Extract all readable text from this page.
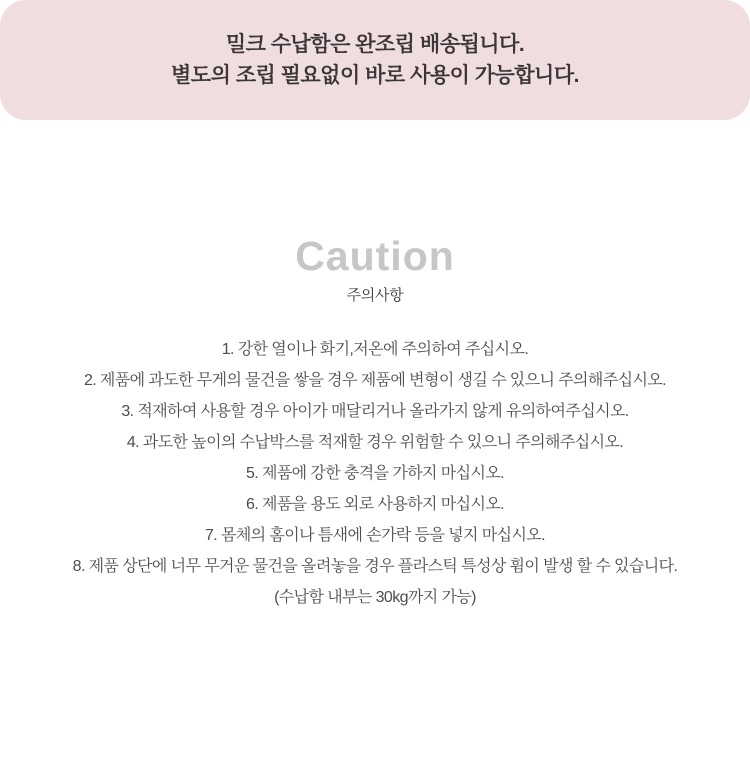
밀크 수납함은 완조립 배송됩니다.

별도의 조립 필요없이 바로 사용이 가능합니다.

Caution
주의사항

1. 강한 열이나 화기,저온에 주의하여 주십시오.

2. 제품에 과도한 무게의 물건을 쌓을 경우 제품에 변형이 생길 수 있으니 주의해주십시오.

3. 적재하여 사용할 경우 아이가 매달리거나 올라가지 않게 유의하여주십시오.

4. 과도한 높이의 수납박스를 적재할 경우 위험할 수 있으니 주의해주십시오.

5. 제품에 강한 충격을 가하지 마십시오.

6. 제품을 용도 외로 사용하지 마십시오.

7. 몸체의 홈이나 틈새에 손가락 등을 넣지 마십시오.

8. 제품 상단에 너무 무거운 물건을 올려놓을 경우 플라스틱 특성상 휨이 발생 할 수 있습니다.

(수납함 내부는 30kg까지 가능)
